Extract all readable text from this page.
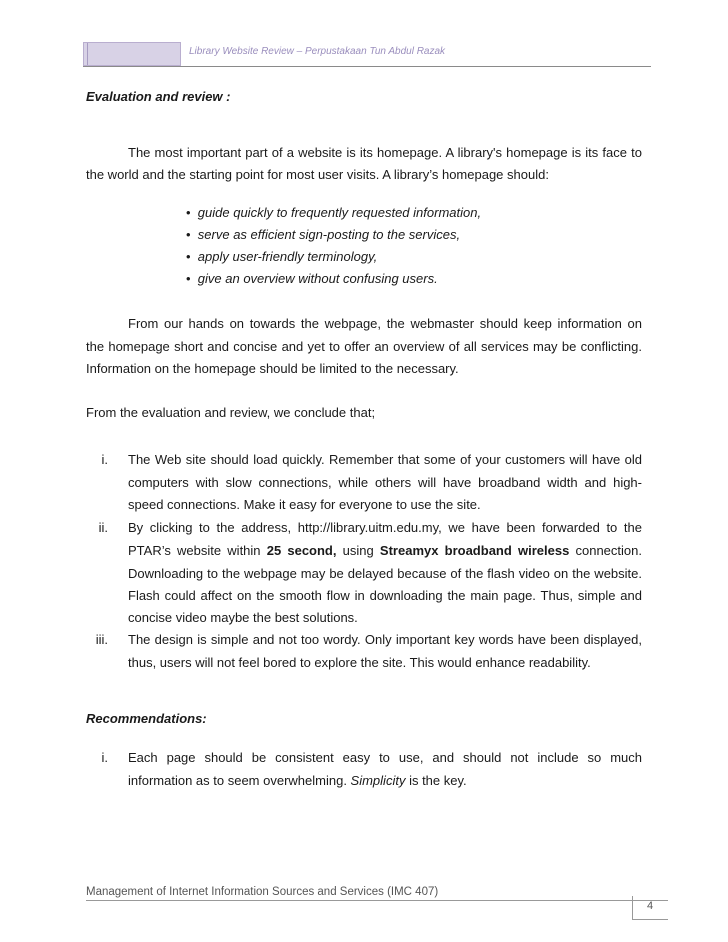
Library Website Review – Perpustakaan Tun Abdul Razak
Evaluation and review :
The most important part of a website is its homepage. A library's homepage is its face to
the world and the starting point for most user visits. A library’s homepage should:
• guide quickly to frequently requested information,
• serve as efficient sign-posting to the services,
• apply user-friendly terminology,
• give an overview without confusing users.
From our hands on towards the webpage, the webmaster should keep information on
the homepage short and concise and yet to offer an overview of all services may be conflicting.
Information on the homepage should be limited to the necessary.
From the evaluation and review, we conclude that;
i. The Web site should load quickly. Remember that some of your customers will have old
computers with slow connections, while others will have broadband width and high-
speed connections. Make it easy for everyone to use the site.
ii. By clicking to the address, http://library.uitm.edu.my, we have been forwarded to the
PTAR’s website within 25 second, using Streamyx broadband wireless connection.
Downloading to the webpage may be delayed because of the flash video on the website.
Flash could affect on the smooth flow in downloading the main page. Thus, simple and
concise video maybe the best solutions.
iii. The design is simple and not too wordy. Only important key words have been displayed,
thus, users will not feel bored to explore the site. This would enhance readability.
Recommendations:
i. Each page should be consistent easy to use, and should not include so much
information as to seem overwhelming. Simplicity is the key.
Management of Internet Information Sources and Services (IMC 407)
4
